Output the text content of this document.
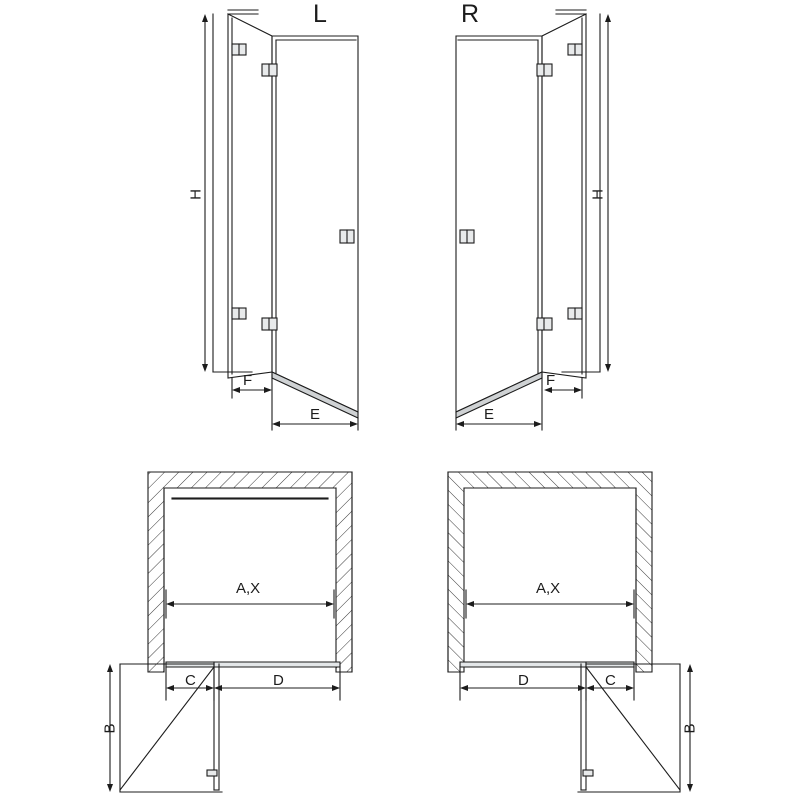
L	R
H	H
F
E
F
E
A,X	A,X
C	D	D	C
B	B
